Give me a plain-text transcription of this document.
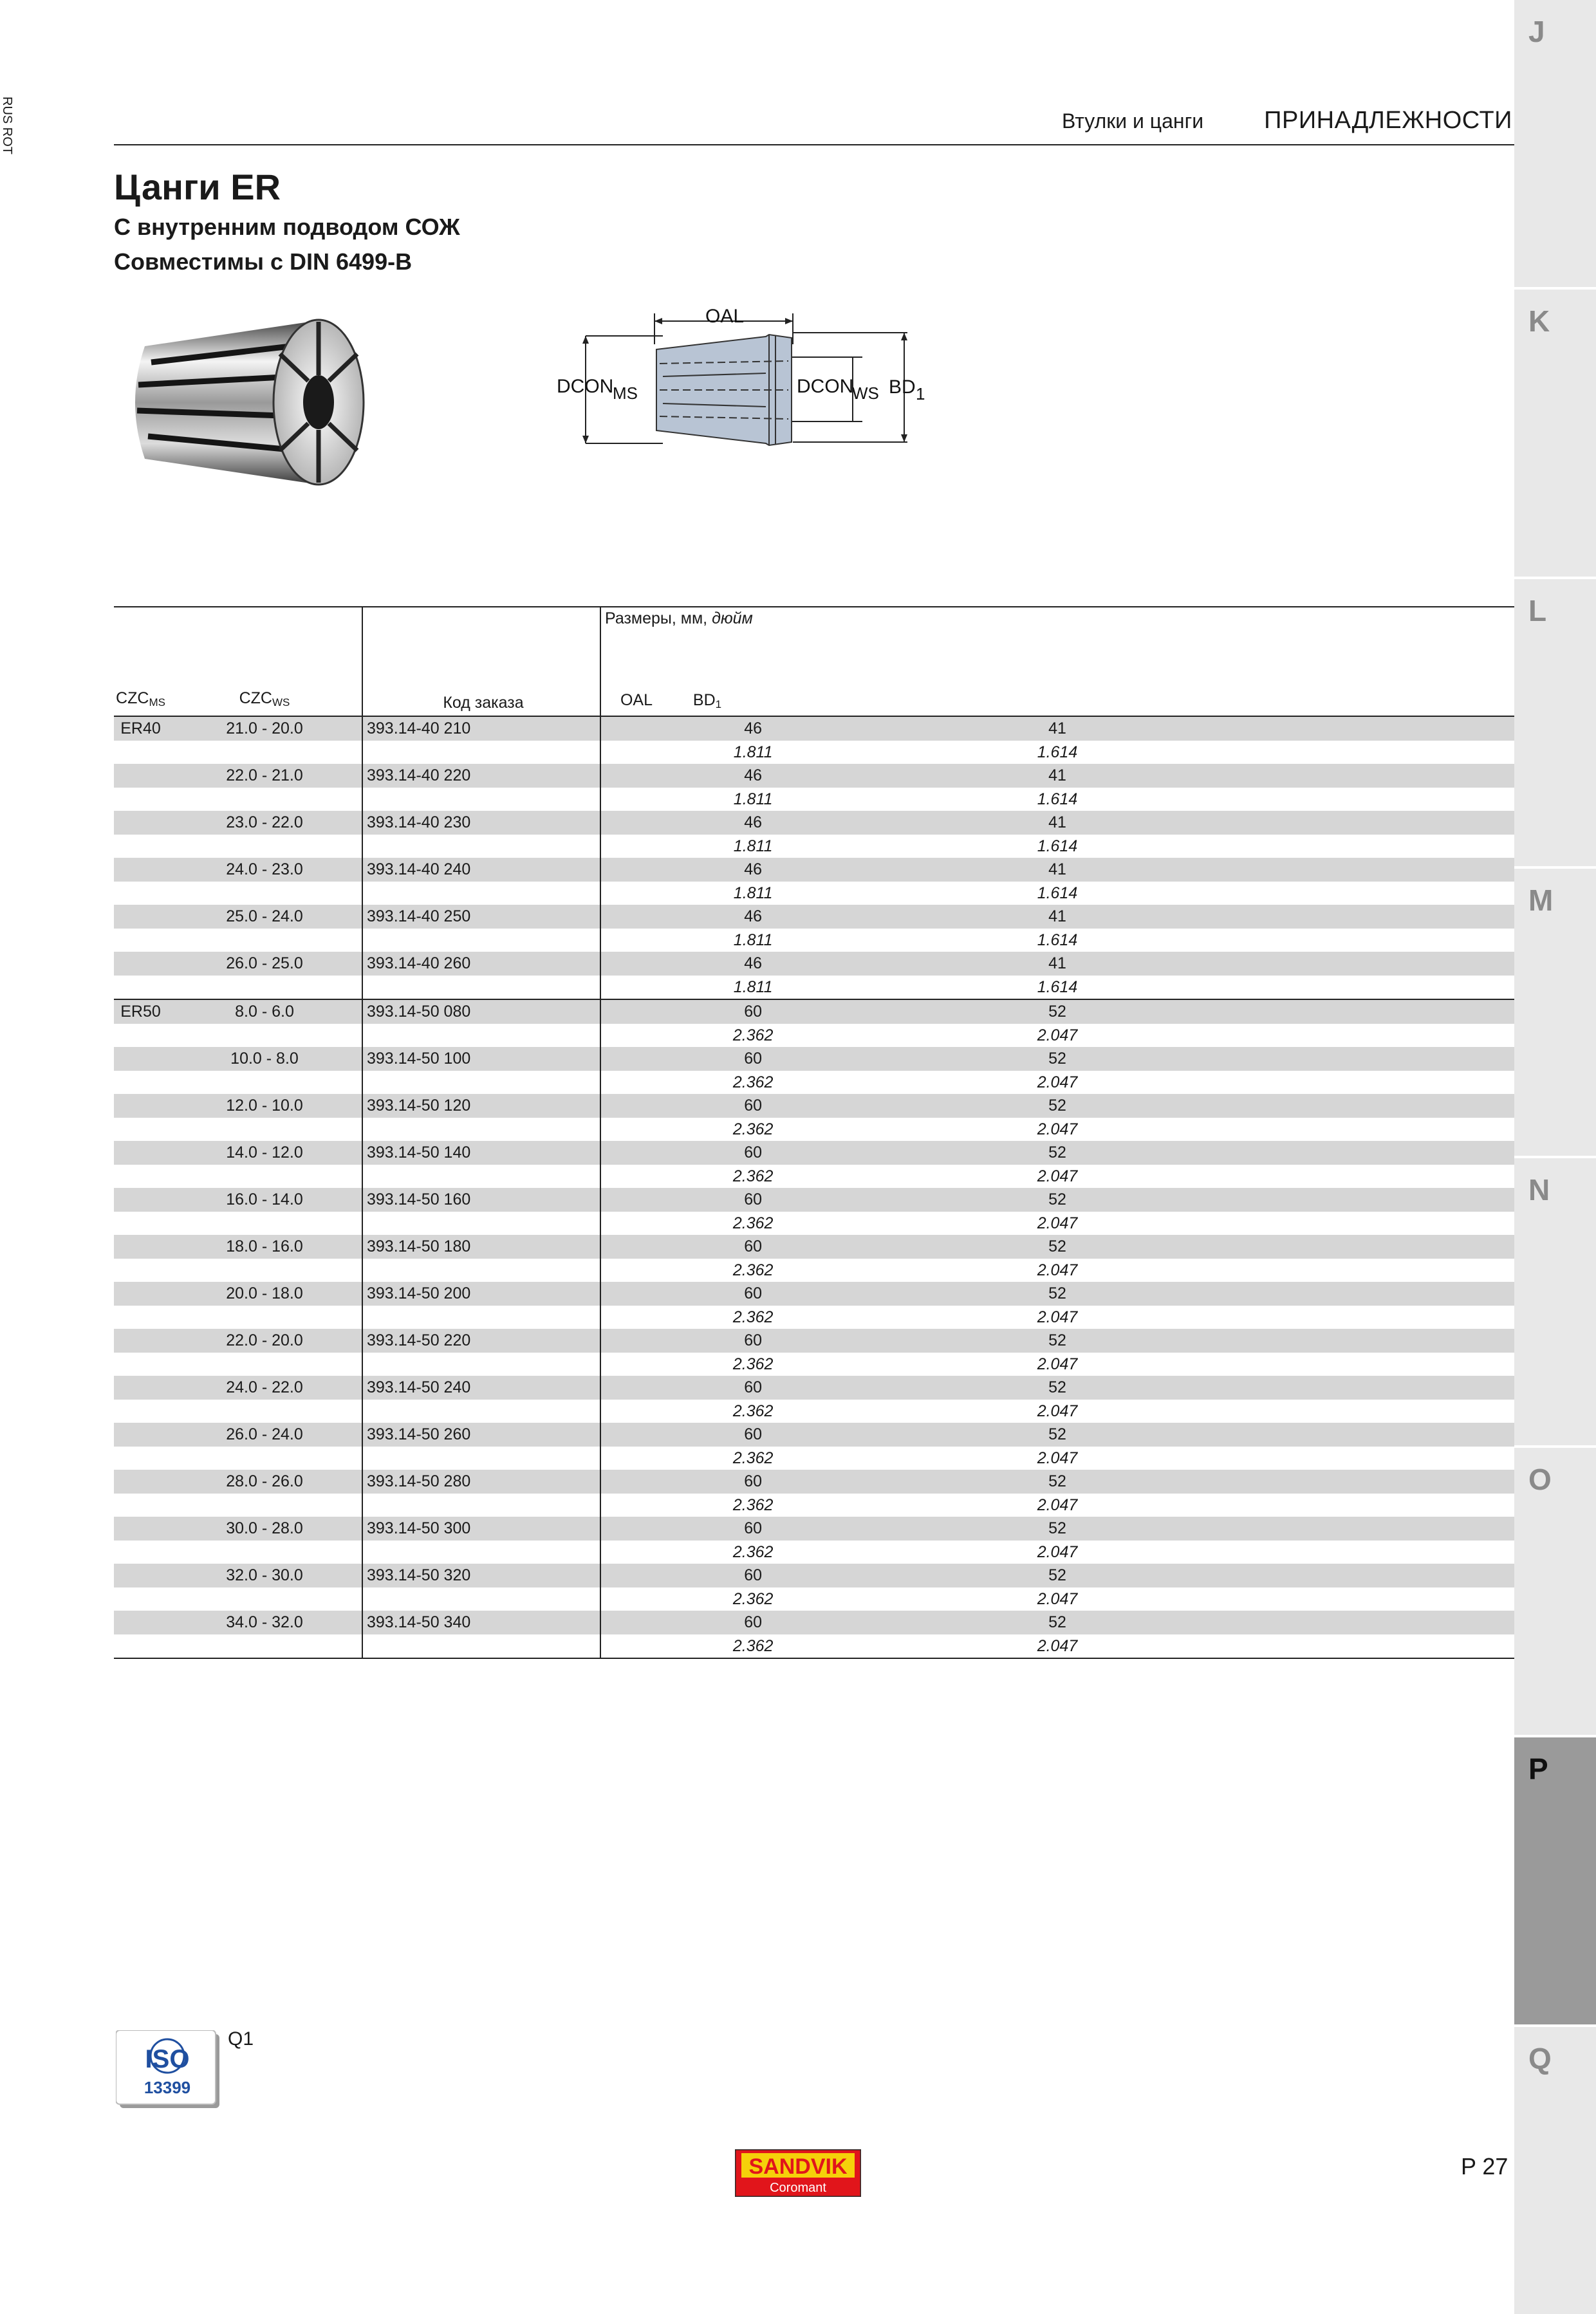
RUS ROT	Втулки и цанги ПРИНАДЛЕЖНОСТИ
Цанги ER
С внутренним подводом СОЖ
Совместимы с DIN 6499-B
OAL
DCON
MS	DCON
WS BD 1
$CZC_{MS}$	$CZC_{WS}$	Код заказа	Размеры, мм, дюйм
OAL $BD_1$

ER40	21.0 - 20.0	393.14-40 210	46	41	
			1.811	1.614	
	22.0 - 21.0	393.14-40 220	46	41	
			1.811	1.614	
	23.0 - 22.0	393.14-40 230	46	41	
			1.811	1.614	
	24.0 - 23.0	393.14-40 240	46	41	
			1.811	1.614	
	25.0 - 24.0	393.14-40 250	46	41	
			1.811	1.614	
	26.0 - 25.0	393.14-40 260	46	41	
			1.811	1.614	
ER50	8.0 - 6.0	393.14-50 080	60	52	
			2.362	2.047	
	10.0 - 8.0	393.14-50 100	60	52	
			2.362	2.047	
	12.0 - 10.0	393.14-50 120	60	52	
			2.362	2.047	
	14.0 - 12.0	393.14-50 140	60	52	
			2.362	2.047	
	16.0 - 14.0	393.14-50 160	60	52	
			2.362	2.047	
	18.0 - 16.0	393.14-50 180	60	52	
			2.362	2.047	
	20.0 - 18.0	393.14-50 200	60	52	
			2.362	2.047	
	22.0 - 20.0	393.14-50 220	60	52	
			2.362	2.047	
	24.0 - 22.0	393.14-50 240	60	52	
			2.362	2.047	
	26.0 - 24.0	393.14-50 260	60	52	
			2.362	2.047	
	28.0 - 26.0	393.14-50 280	60	52	
			2.362	2.047	
	30.0 - 28.0	393.14-50 300	60	52	
			2.362	2.047	
	32.0 - 30.0	393.14-50 320	60	52	
			2.362	2.047	
	34.0 - 32.0	393.14-50 340	60	52	
			2.362	2.047	
J
K
L
M
N
O
P
Q
ISO
13399
Q1
SANDVIK
Coromant
P 27
